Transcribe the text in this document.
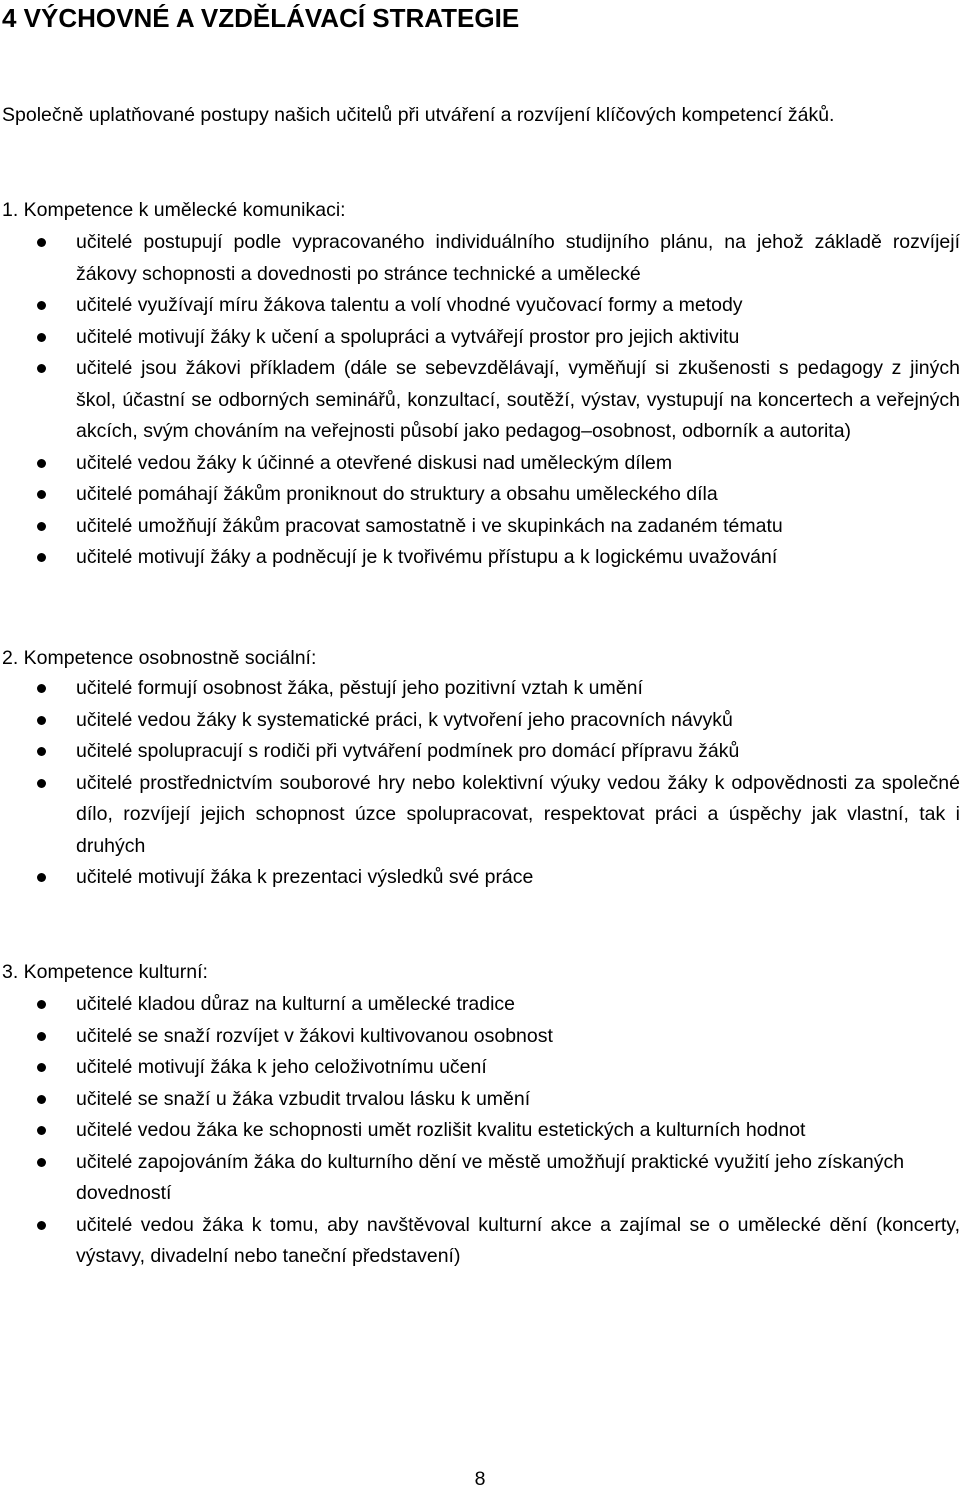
4 VÝCHOVNÉ A VZDĚLÁVACÍ STRATEGIE

Společně uplatňované postupy našich učitelů při utváření a rozvíjení klíčových kompetencí žáků.

1. Kompetence k umělecké komunikaci:
učitelé postupují podle vypracovaného individuálního studijního plánu, na jehož základě rozvíjejí žákovy schopnosti a dovednosti po stránce technické a umělecké
učitelé využívají míru žákova talentu a volí vhodné vyučovací formy a metody
učitelé motivují žáky k učení a spolupráci a vytvářejí prostor pro jejich aktivitu
učitelé jsou žákovi příkladem (dále se sebevzdělávají, vyměňují si zkušenosti s pedagogy z jiných škol, účastní se odborných seminářů, konzultací, soutěží, výstav, vystupují na koncertech a veřejných akcích, svým chováním na veřejnosti působí jako pedagog–osobnost, odborník a autorita)
učitelé vedou žáky k účinné a otevřené diskusi nad uměleckým dílem
učitelé pomáhají žákům proniknout do struktury a obsahu uměleckého díla
učitelé umožňují žákům pracovat samostatně i ve skupinkách na zadaném tématu
učitelé motivují žáky a podněcují je k tvořivému přístupu a k logickému uvažování
2. Kompetence osobnostně sociální:
učitelé formují osobnost žáka, pěstují jeho pozitivní vztah k umění
učitelé vedou žáky k systematické práci, k vytvoření jeho pracovních návyků
učitelé spolupracují s rodiči při vytváření podmínek pro domácí přípravu žáků
učitelé prostřednictvím souborové hry nebo kolektivní výuky vedou žáky k odpovědnosti za společné dílo, rozvíjejí jejich schopnost úzce spolupracovat, respektovat práci a úspěchy jak vlastní, tak i druhých
učitelé motivují žáka k prezentaci výsledků své práce
3. Kompetence kulturní:
učitelé kladou důraz na kulturní a umělecké tradice
učitelé se snaží rozvíjet v žákovi kultivovanou osobnost
učitelé motivují žáka k jeho celoživotnímu učení
učitelé se snaží u žáka vzbudit trvalou lásku k umění
učitelé vedou žáka ke schopnosti umět rozlišit kvalitu estetických a kulturních hodnot
učitelé zapojováním žáka do kulturního dění ve městě umožňují praktické využití jeho získaných dovedností
učitelé vedou žáka k tomu, aby navštěvoval kulturní akce a zajímal se o umělecké dění (koncerty, výstavy, divadelní nebo taneční představení)
8
